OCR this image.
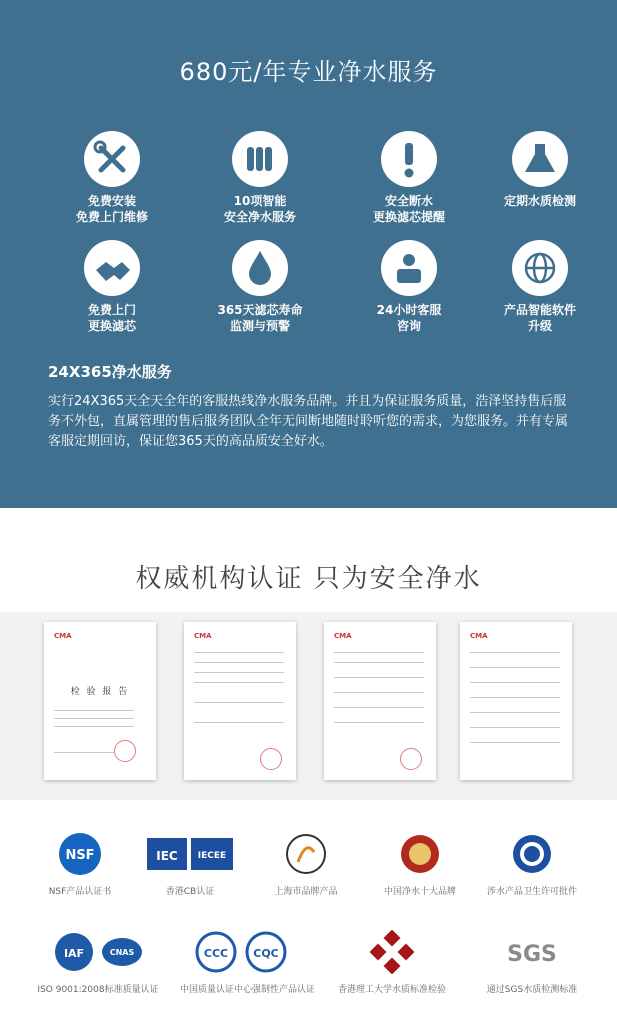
680元/年专业净水服务
免费安装
免费上门维修
10项智能
安全净水服务
安全断水
更换滤芯提醒
定期水质检测
免费上门
更换滤芯
365天滤芯寿命
监测与预警
24小时客服
咨询
产品智能软件
升级
24X365净水服务
实行24X365天全天全年的客服热线净水服务品牌。并且为保证服务质量，浩泽坚持售后服务不外包，直属管理的售后服务团队全年无间断地随时聆听您的需求，为您服务。并有专属客服定期回访，保证您365天的高品质安全好水。
权威机构认证 只为安全净水
CMA
检 验 报 告
CMA	CMA	CMA
NSF
NSF产品认证书
IEC IECEE
香港CB认证	上海市品牌产品	中国净水十大品牌	涉水产品卫生许可批件
IAF	CNAS
ISO 9001:2008标准质量认证
CCC CQC
中国质量认证中心强制性产品认证	香港理工大学水质标准检验
SGS
通过SGS水质检测标准
